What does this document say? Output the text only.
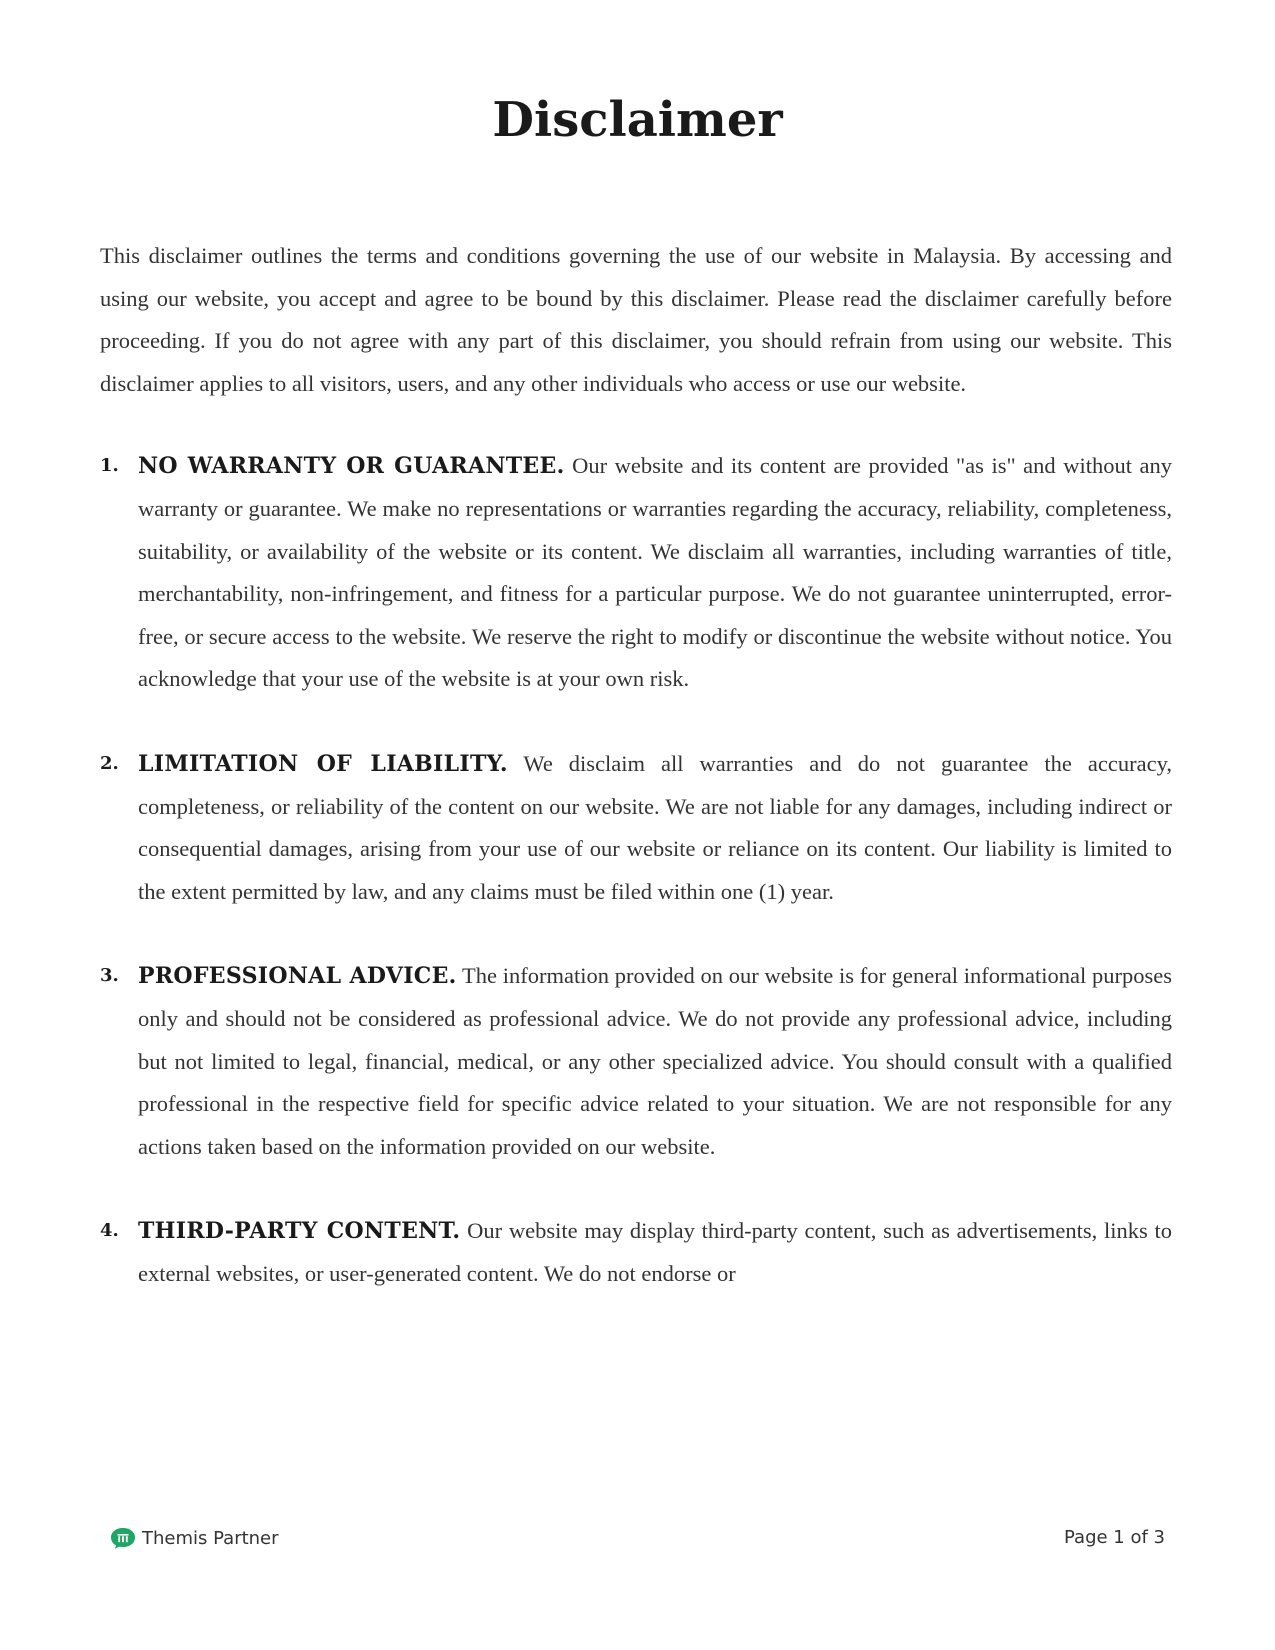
Disclaimer

This disclaimer outlines the terms and conditions governing the use of our website in Malaysia. By accessing and using our website, you accept and agree to be bound by this disclaimer. Please read the disclaimer carefully before proceeding. If you do not agree with any part of this disclaimer, you should refrain from using our website. This disclaimer applies to all visitors, users, and any other individuals who access or use our website.

1. NO WARRANTY OR GUARANTEE. Our website and its content are provided "as is" and without any warranty or guarantee. We make no representations or warranties regarding the accuracy, reliability, completeness, suitability, or availability of the website or its content. We disclaim all warranties, including warranties of title, merchantability, non-infringement, and fitness for a particular purpose. We do not guarantee uninterrupted, error-free, or secure access to the website. We reserve the right to modify or discontinue the website without notice. You acknowledge that your use of the website is at your own risk.
2. LIMITATION OF LIABILITY. We disclaim all warranties and do not guarantee the accuracy, completeness, or reliability of the content on our website. We are not liable for any damages, including indirect or consequential damages, arising from your use of our website or reliance on its content. Our liability is limited to the extent permitted by law, and any claims must be filed within one (1) year.
3. PROFESSIONAL ADVICE. The information provided on our website is for general informational purposes only and should not be considered as professional advice. We do not provide any professional advice, including but not limited to legal, financial, medical, or any other specialized advice. You should consult with a qualified professional in the respective field for specific advice related to your situation. We are not responsible for any actions taken based on the information provided on our website.
4. THIRD-PARTY CONTENT. Our website may display third-party content, such as advertisements, links to external websites, or user-generated content. We do not endorse or
Themis Partner	Page 1 of 3
